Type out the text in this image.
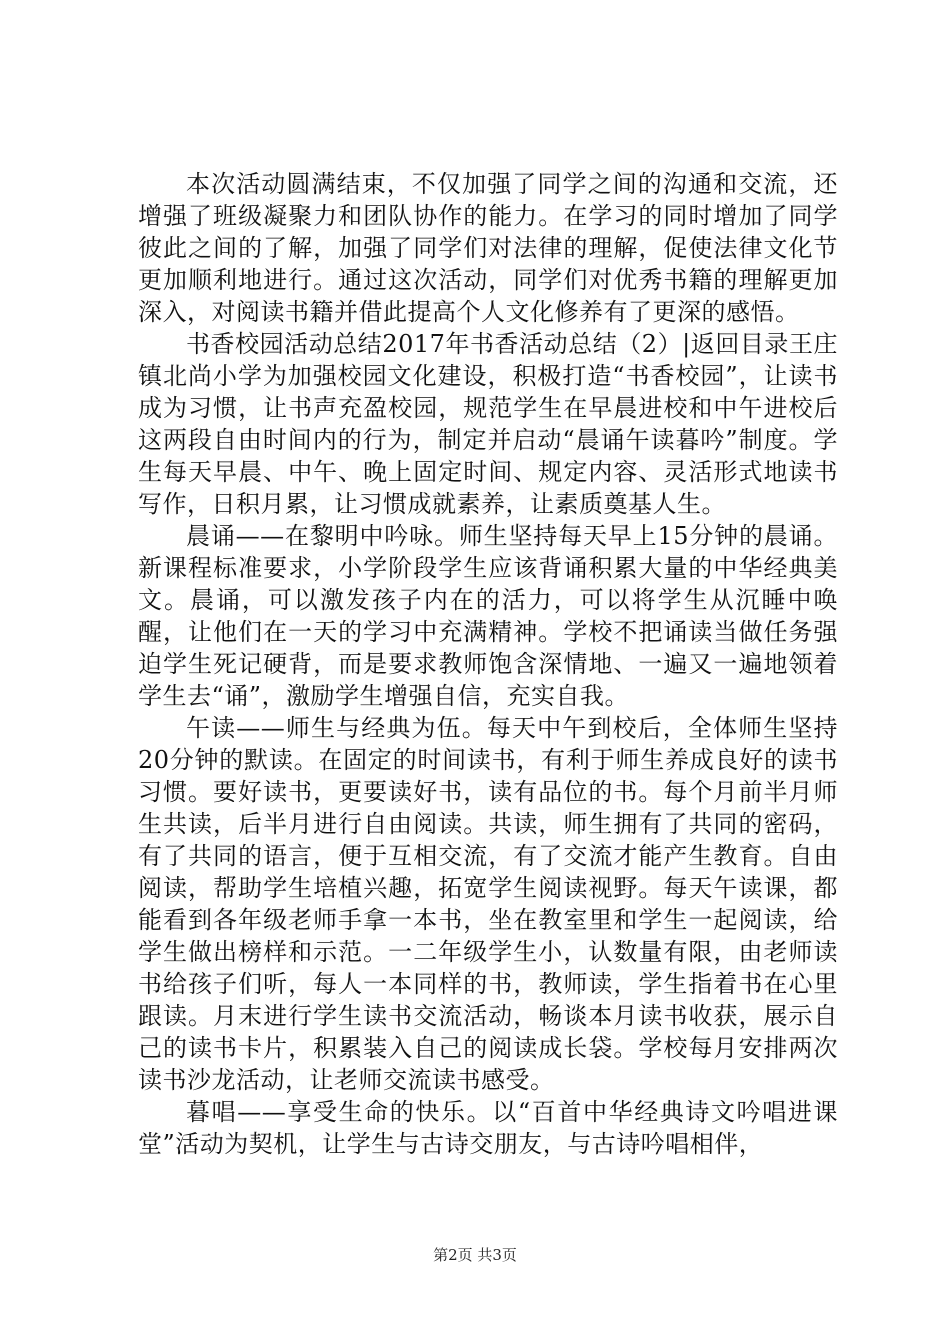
本次活动圆满结束，不仅加强了同学之间的沟通和交流，还增强了班级凝聚力和团队协作的能力。在学习的同时增加了同学彼此之间的了解，加强了同学们对法律的理解，促使法律文化节更加顺利地进行。通过这次活动，同学们对优秀书籍的理解更加深入，对阅读书籍并借此提高个人文化修养有了更深的感悟。

书香校园活动总结2017年书香活动总结（2）|返回目录王庄镇北尚小学为加强校园文化建设，积极打造“书香校园”，让读书成为习惯，让书声充盈校园，规范学生在早晨进校和中午进校后这两段自由时间内的行为，制定并启动“晨诵午读暮吟”制度。学生每天早晨、中午、晚上固定时间、规定内容、灵活形式地读书写作，日积月累，让习惯成就素养，让素质奠基人生。

晨诵——在黎明中吟咏。师生坚持每天早上15分钟的晨诵。新课程标准要求，小学阶段学生应该背诵积累大量的中华经典美文。晨诵，可以激发孩子内在的活力，可以将学生从沉睡中唤醒，让他们在一天的学习中充满精神。学校不把诵读当做任务强迫学生死记硬背，而是要求教师饱含深情地、一遍又一遍地领着学生去“诵”，激励学生增强自信，充实自我。

午读——师生与经典为伍。每天中午到校后，全体师生坚持20分钟的默读。在固定的时间读书，有利于师生养成良好的读书习惯。要好读书，更要读好书，读有品位的书。每个月前半月师生共读，后半月进行自由阅读。共读，师生拥有了共同的密码，有了共同的语言，便于互相交流，有了交流才能产生教育。自由阅读，帮助学生培植兴趣，拓宽学生阅读视野。每天午读课，都能看到各年级老师手拿一本书，坐在教室里和学生一起阅读，给学生做出榜样和示范。一二年级学生小，认数量有限，由老师读书给孩子们听，每人一本同样的书，教师读，学生指着书在心里跟读。月末进行学生读书交流活动，畅谈本月读书收获，展示自己的读书卡片，积累装入自己的阅读成长袋。学校每月安排两次读书沙龙活动，让老师交流读书感受。

暮唱——享受生命的快乐。以“百首中华经典诗文吟唱进课堂”活动为契机，让学生与古诗交朋友，与古诗吟唱相伴，

第2页 共3页
